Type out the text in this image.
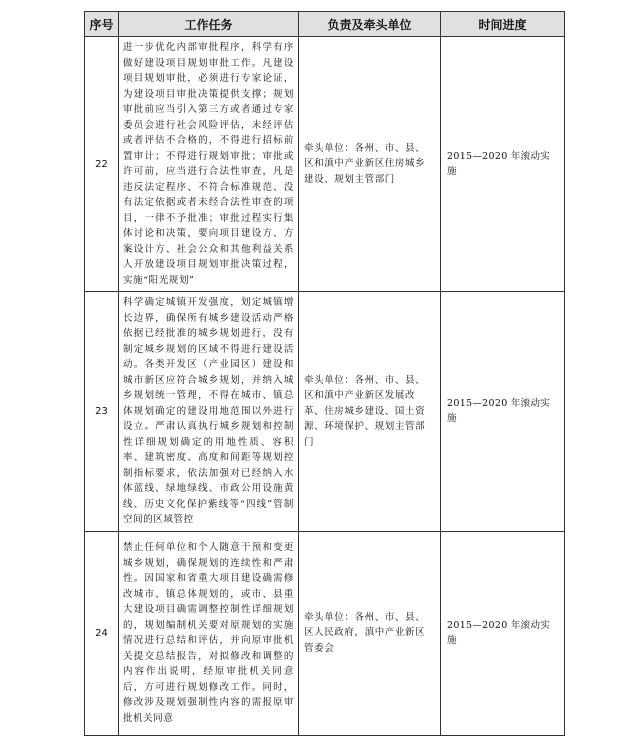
序号	工作任务	负责及牵头单位	时间进度
22	进一步优化内部审批程序，科学有序做好建设项目规划审批工作。凡建设项目规划审批，必须进行专家论证，为建设项目审批决策提供支撑；规划审批前应当引入第三方或者通过专家委员会进行社会风险评估，未经评估或者评估不合格的，不得进行招标前置审计；不得进行规划审批；审批或许可前，应当进行合法性审查，凡是违反法定程序、不符合标准规范、没有法定依据或者未经合法性审查的项目，一律不予批准；审批过程实行集体讨论和决策，要向项目建设方、方案设计方、社会公众和其他利益关系人开放建设项目规划审批决策过程，实施“阳光规划”	牵头单位：各州、市、县、区和滇中产业新区住房城乡建设、规划主管部门	2015—2020 年滚动实施
23	科学确定城镇开发强度，划定城镇增长边界，确保所有城乡建设活动严格依据已经批准的城乡规划进行，没有制定城乡规划的区域不得进行建设活动。各类开发区（产业园区）建设和城市新区应符合城乡规划，并纳入城乡规划统一管理，不得在城市、镇总体规划确定的建设用地范围以外进行设立。严肃认真执行城乡规划和控制性详细规划确定的用地性质、容积率、建筑密度、高度和间距等规划控制指标要求，依法加强对已经纳入水体蓝线、绿地绿线、市政公用设施黄线、历史文化保护紫线等“四线”管制空间的区域管控	牵头单位：各州、市、县、区和滇中产业新区发展改革、住房城乡建设、国土资源、环境保护、规划主管部门	2015—2020 年滚动实施
24	禁止任何单位和个人随意干预和变更城乡规划，确保规划的连续性和严肃性。因国家和省重大项目建设确需修改城市、镇总体规划的，或市、县重大建设项目确需调整控制性详细规划的，规划编制机关要对原规划的实施情况进行总结和评估，并向原审批机关提交总结报告，对拟修改和调整的内容作出说明，经原审批机关同意后，方可进行规划修改工作。同时，修改涉及规划强制性内容的需报原审批机关同意	牵头单位：各州、市、县、区人民政府，滇中产业新区管委会	2015—2020 年滚动实施
